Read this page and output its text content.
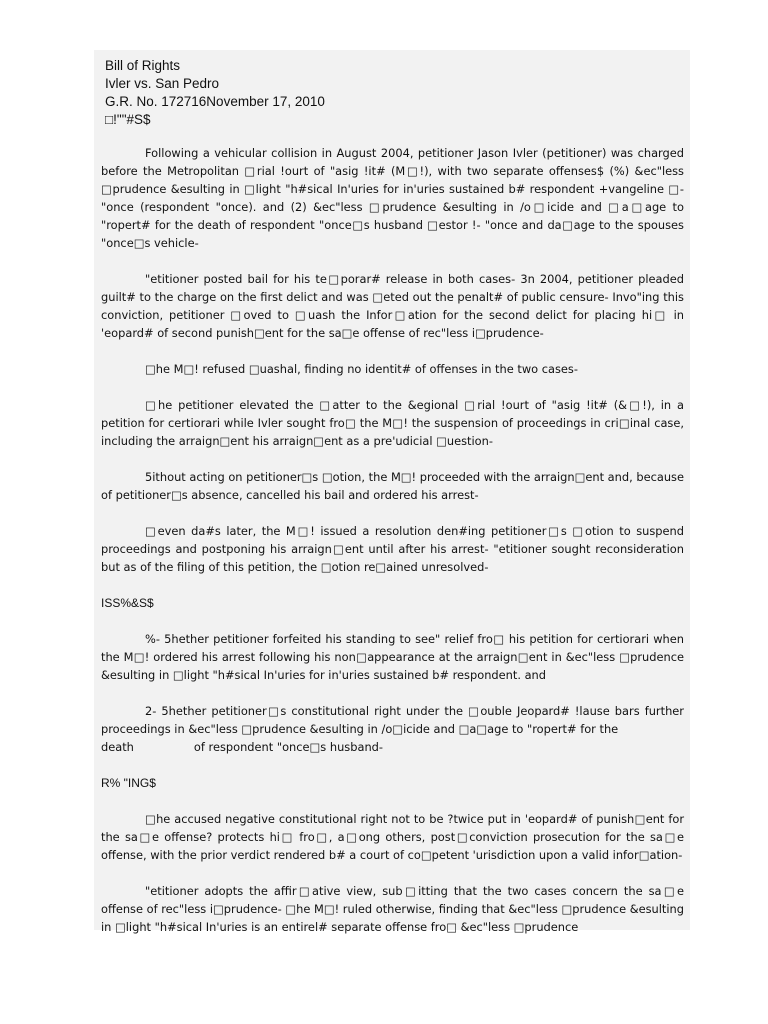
Bill of Rights
Ivler vs. San Pedro
G.R. No. 172716November 17, 2010
□!""#S$

Following a vehicular collision in August 2004, petitioner Jason Ivler (petitioner) was charged before the Metropolitan □rial !ourt of "asig !it# (M□!), with two separate offenses$ (%) &ec"less □prudence &esulting in □light "h#sical In'uries for in'uries sustained b# respondent +vangeline □- "once (respondent "once). and (2) &ec"less □prudence &esulting in /o□icide and □a□age to "ropert# for the death of respondent "once□s husband □estor !- "once and da□age to the spouses "once□s vehicle-

"etitioner posted bail for his te□porar# release in both cases- 3n 2004, petitioner pleaded guilt# to the charge on the first delict and was □eted out the penalt# of public censure- Invo"ing this conviction, petitioner □oved to □uash the Infor□ation for the second delict for placing hi□ in 'eopard# of second punish□ent for the sa□e offense of rec"less i□prudence-

□he M□! refused □uashal, finding no identit# of offenses in the two cases-

□he petitioner elevated the □atter to the &egional □rial !ourt of "asig !it# (&□!), in a petition for certiorari while Ivler sought fro□ the M□! the suspension of proceedings in cri□inal case, including the arraign□ent his arraign□ent as a pre'udicial □uestion-

5ithout acting on petitioner□s □otion, the M□! proceeded with the arraign□ent and, because of petitioner□s absence, cancelled his bail and ordered his arrest-

□even da#s later, the M□! issued a resolution den#ing petitioner□s □otion to suspend proceedings and postponing his arraign□ent until after his arrest- "etitioner sought reconsideration but as of the filing of this petition, the □otion re□ained unresolved-

ISS%&S$

%- 5hether petitioner forfeited his standing to see" relief fro□ his petition for certiorari when the M□! ordered his arrest following his non□appearance at the arraign□ent in &ec"less □prudence &esulting in □light "h#sical In'uries for in'uries sustained b# respondent. and

2- 5hether petitioner□s constitutional right under the □ouble Jeopard# !lause bars further proceedings in &ec"less □prudence &esulting in /o□icide and □a□age to "ropert# for the

death	of respondent "once□s husband-

R% "ING$

□he accused negative constitutional right not to be ?twice put in 'eopard# of punish□ent for the sa□e offense? protects hi□ fro□, a□ong others, post□conviction prosecution for the sa□e offense, with the prior verdict rendered b# a court of co□petent 'urisdiction upon a valid infor□ation-

"etitioner adopts the affir□ative view, sub□itting that the two cases concern the sa□e offense of rec"less i□prudence- □he M□! ruled otherwise, finding that &ec"less □prudence &esulting in □light "h#sical In'uries is an entirel# separate offense fro□ &ec"less □prudence
